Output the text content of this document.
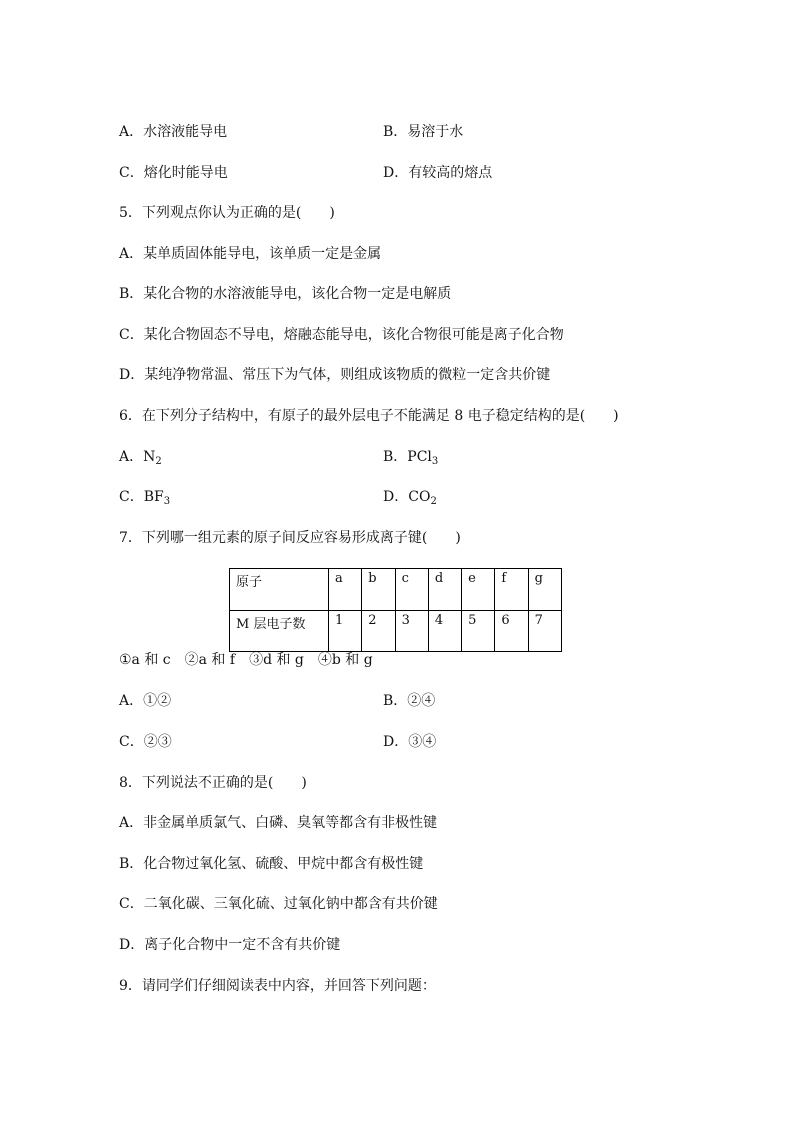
A．水溶液能导电	B．易溶于水
C．熔化时能导电	D．有较高的熔点
5．下列观点你认为正确的是(　　)
A．某单质固体能导电，该单质一定是金属
B．某化合物的水溶液能导电，该化合物一定是电解质
C．某化合物固态不导电，熔融态能导电，该化合物很可能是离子化合物
D．某纯净物常温、常压下为气体，则组成该物质的微粒一定含共价键
6．在下列分子结构中，有原子的最外层电子不能满足 8 电子稳定结构的是(　　)
A．$N_2$	B．PCl$_3$
C．$BF_3$	D．$CO_2$
7．下列哪一组元素的原子间反应容易形成离子键(　　)
原子	a	b	c	d	e	f	g
M 层电子数	1	2	3	4	5	6	7
①a 和 c　②a 和 f　③d 和 g　④b 和 g
A．①②	B．②④
C．②③	D．③④
8．下列说法不正确的是(　　)
A．非金属单质氯气、白磷、臭氧等都含有非极性键
B．化合物过氧化氢、硫酸、甲烷中都含有极性键
C．二氧化碳、三氧化硫、过氧化钠中都含有共价键
D．离子化合物中一定不含有共价键
9．请同学们仔细阅读表中内容，并回答下列问题：
